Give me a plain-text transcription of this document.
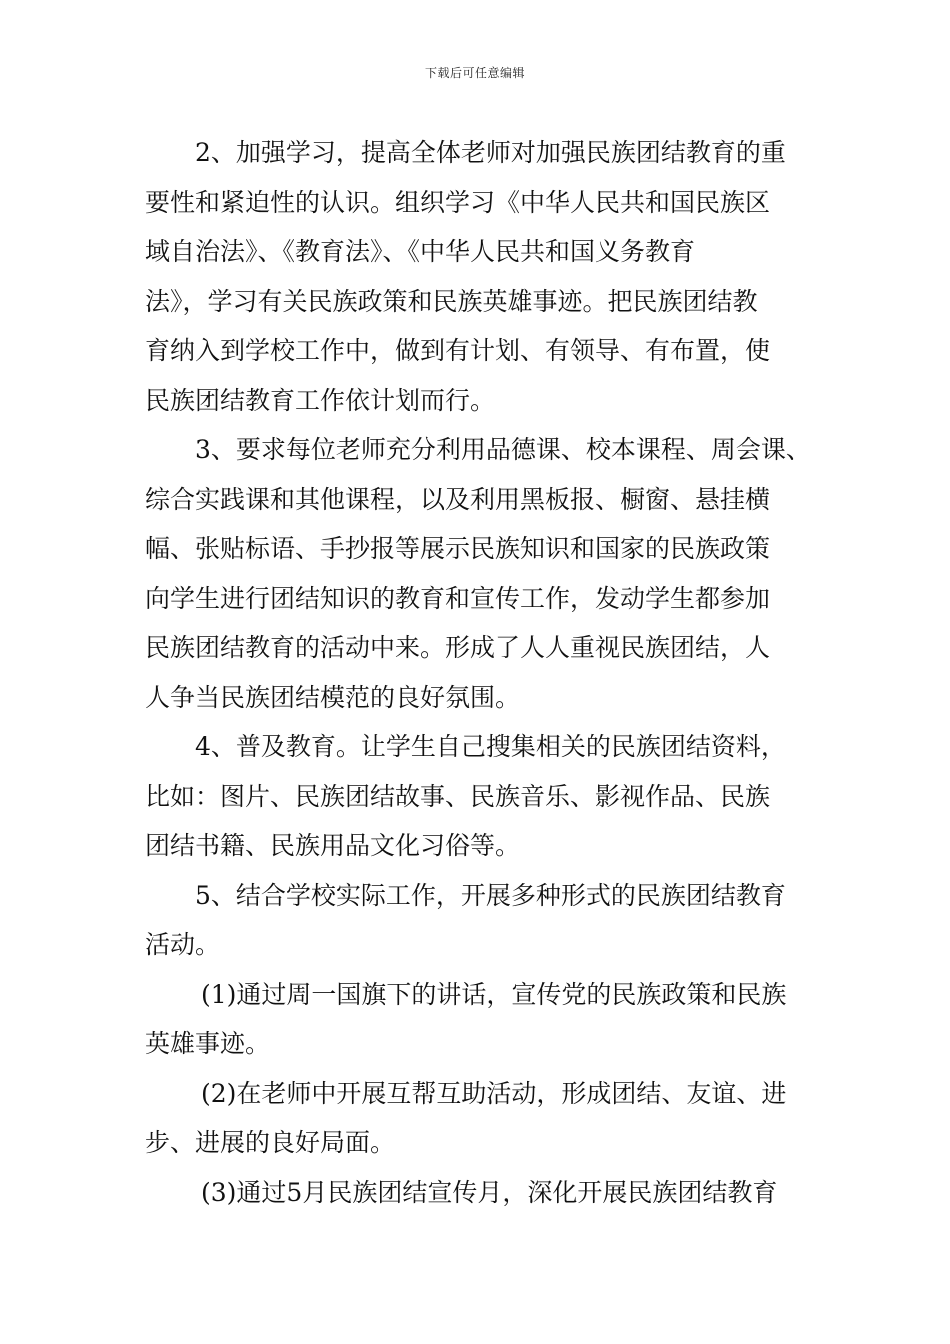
下载后可任意编辑
2、加强学习，提高全体老师对加强民族团结教育的重
要性和紧迫性的认识。组织学习《中华人民共和国民族区
域自治法》、《教育法》、《中华人民共和国义务教育
法》，学习有关民族政策和民族英雄事迹。把民族团结教
育纳入到学校工作中，做到有计划、有领导、有布置，使
民族团结教育工作依计划而行。
3、要求每位老师充分利用品德课、校本课程、周会课、
综合实践课和其他课程，以及利用黑板报、橱窗、悬挂横
幅、张贴标语、手抄报等展示民族知识和国家的民族政策
向学生进行团结知识的教育和宣传工作，发动学生都参加
民族团结教育的活动中来。形成了人人重视民族团结，人
人争当民族团结模范的良好氛围。
4、普及教育。让学生自己搜集相关的民族团结资料，
比如：图片、民族团结故事、民族音乐、影视作品、民族
团结书籍、民族用品文化习俗等。
5、结合学校实际工作，开展多种形式的民族团结教育
活动。
(1)通过周一国旗下的讲话，宣传党的民族政策和民族
英雄事迹。
(2)在老师中开展互帮互助活动，形成团结、友谊、进
步、进展的良好局面。
(3)通过5月民族团结宣传月，深化开展民族团结教育
